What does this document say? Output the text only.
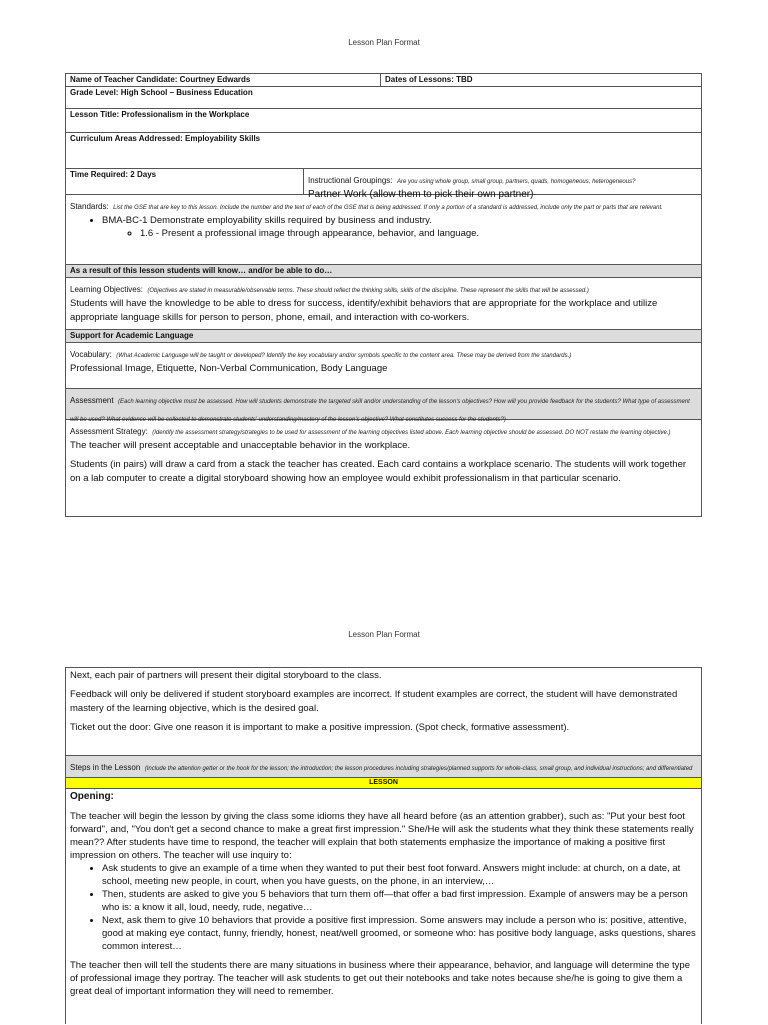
Lesson Plan Format
Name of Teacher Candidate: Courtney Edwards	Dates of Lessons: TBD
Grade Level: High School – Business Education
Lesson Title: Professionalism in the Workplace
Curriculum Areas Addressed: Employability Skills
Time Required: 2 Days
Instructional Groupings: Are you using whole group, small group, partners, quads, homogeneous, heterogeneous?
Partner Work (allow them to pick their own partner)
Standards: List the GSE that are key to this lesson. Include the number and the text of each of the GSE that is being addressed. If only a portion of a standard is addressed, include only the part or parts that are relevant.
• BMA-BC-1 Demonstrate employability skills required by business and industry.
◦ 1.6 - Present a professional image through appearance, behavior, and language.
As a result of this lesson students will know… and/or be able to do…
Learning Objectives: (Objectives are stated in measurable/observable terms. These should reflect the thinking skills, skills of the discipline. These represent the skills that will be assessed.)

Students will have the knowledge to be able to dress for success, identify/exhibit behaviors that are appropriate for the workplace and utilize appropriate language skills for person to person, phone, email, and interaction with co-workers.

Support for Academic Language
Vocabulary: (What Academic Language will be taught or developed? Identify the key vocabulary and/or symbols specific to the content area. These may be derived from the standards.)

Professional Image, Etiquette, Non-Verbal Communication, Body Language

Assessment (Each learning objective must be assessed. How will students demonstrate the targeted skill and/or understanding of the lesson's objectives? How will you provide feedback for the students? What type of assessment will be used? What evidence will be collected to demonstrate students' understanding/mastery of the lesson's objective? What constitutes success for the students?)
Assessment Strategy: (Identify the assessment strategy/strategies to be used for assessment of the learning objectives listed above. Each learning objective should be assessed. DO NOT restate the learning objective.)

The teacher will present acceptable and unacceptable behavior in the workplace.

Students (in pairs) will draw a card from a stack the teacher has created. Each card contains a workplace scenario. The students will work together on a lab computer to create a digital storyboard showing how an employee would exhibit professionalism in that particular scenario.

Lesson Plan Format

Next, each pair of partners will present their digital storyboard to the class.

Feedback will only be delivered if student storyboard examples are incorrect. If student examples are correct, the student will have demonstrated mastery of the learning objective, which is the desired goal.

Ticket out the door: Give one reason it is important to make a positive impression. (Spot check, formative assessment).

Steps in the Lesson (Include the attention getter or the hook for the lesson; the introduction; the lesson procedures including strategies/planned supports for whole-class, small group, and individual instructions; and differentiated
LESSON

Opening:

The teacher will begin the lesson by giving the class some idioms they have all heard before (as an attention grabber), such as: "Put your best foot forward", and, "You don't get a second chance to make a great first impression." She/He will ask the students what they think these statements really mean?? After students have time to respond, the teacher will explain that both statements emphasize the importance of making a positive first impression on others. The teacher will use inquiry to:

• Ask students to give an example of a time when they wanted to put their best foot forward. Answers might include: at church, on a date, at school, meeting new people, in court, when you have guests, on the phone, in an interview,…
• Then, students are asked to give you 5 behaviors that turn them off—that offer a bad first impression. Example of answers may be a person who is: a know it all, loud, needy, rude, negative…
• Next, ask them to give 10 behaviors that provide a positive first impression. Some answers may include a person who is: positive, attentive, good at making eye contact, funny, friendly, honest, neat/well groomed, or someone who: has positive body language, asks questions, shares common interest…

The teacher then will tell the students there are many situations in business where their appearance, behavior, and language will determine the type of professional image they portray. The teacher will ask students to get out their notebooks and take notes because she/he is going to give them a great deal of important information they will need to remember.
